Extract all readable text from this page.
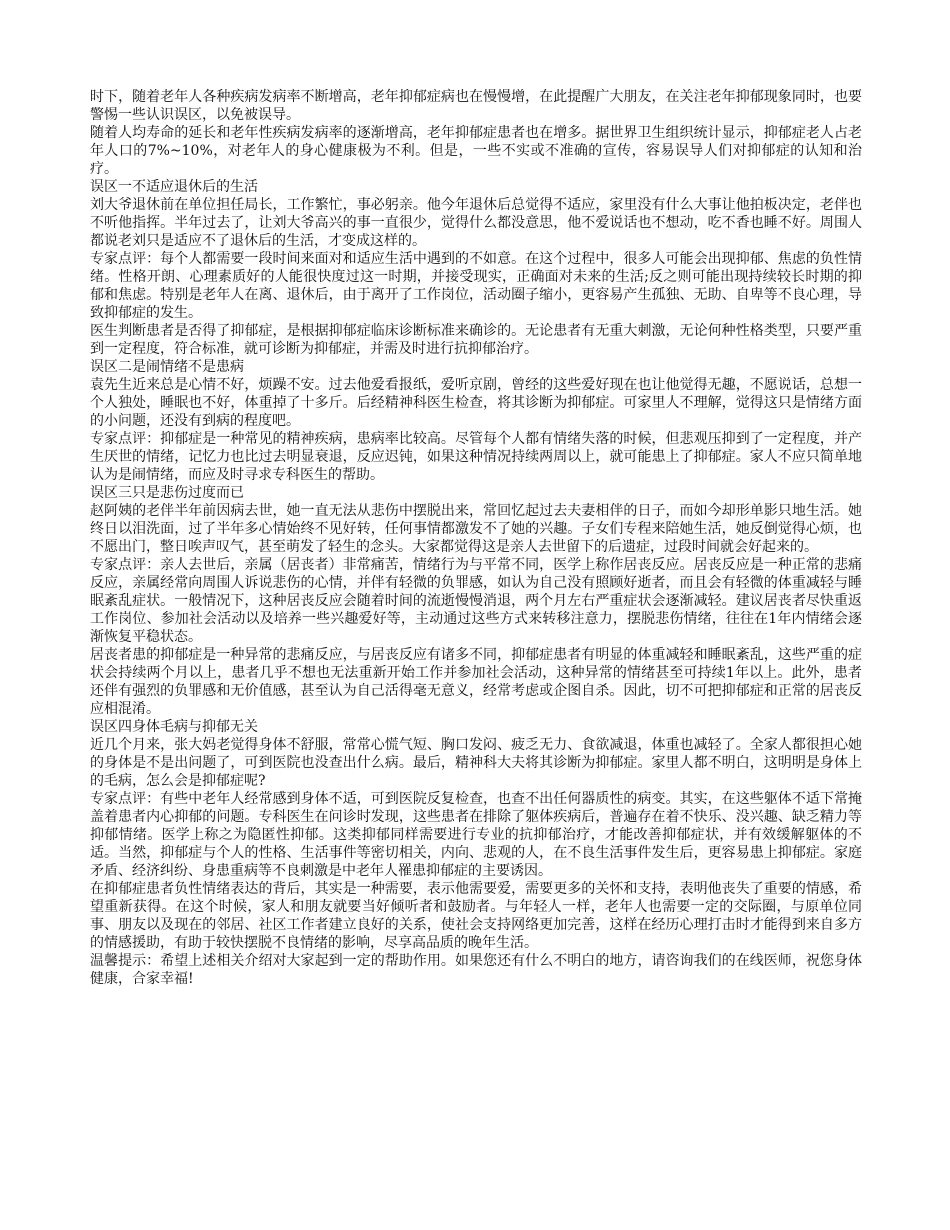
时下，随着老年人各种疾病发病率不断增高，老年抑郁症病也在慢慢增，在此提醒广大朋友，在关注老年抑郁现象同时，也要警惕一些认识误区，以免被误导。

随着人均寿命的延长和老年性疾病发病率的逐渐增高，老年抑郁症患者也在增多。据世界卫生组织统计显示，抑郁症老人占老年人口的7%~10%，对老年人的身心健康极为不利。但是，一些不实或不准确的宣传，容易误导人们对抑郁症的认知和治疗。

误区一不适应退休后的生活

刘大爷退休前在单位担任局长，工作繁忙，事必躬亲。他今年退休后总觉得不适应，家里没有什么大事让他拍板决定，老伴也不听他指挥。半年过去了，让刘大爷高兴的事一直很少，觉得什么都没意思，他不爱说话也不想动，吃不香也睡不好。周围人都说老刘只是适应不了退休后的生活，才变成这样的。

专家点评：每个人都需要一段时间来面对和适应生活中遇到的不如意。在这个过程中，很多人可能会出现抑郁、焦虑的负性情绪。性格开朗、心理素质好的人能很快度过这一时期，并接受现实，正确面对未来的生活;反之则可能出现持续较长时期的抑郁和焦虑。特别是老年人在离、退休后，由于离开了工作岗位，活动圈子缩小，更容易产生孤独、无助、自卑等不良心理，导致抑郁症的发生。

医生判断患者是否得了抑郁症，是根据抑郁症临床诊断标准来确诊的。无论患者有无重大刺激，无论何种性格类型，只要严重到一定程度，符合标准，就可诊断为抑郁症，并需及时进行抗抑郁治疗。

误区二是闹情绪不是患病

袁先生近来总是心情不好，烦躁不安。过去他爱看报纸，爱听京剧，曾经的这些爱好现在也让他觉得无趣，不愿说话，总想一个人独处，睡眠也不好，体重掉了十多斤。后经精神科医生检查，将其诊断为抑郁症。可家里人不理解，觉得这只是情绪方面的小问题，还没有到病的程度吧。

专家点评：抑郁症是一种常见的精神疾病，患病率比较高。尽管每个人都有情绪失落的时候，但悲观压抑到了一定程度，并产生厌世的情绪，记忆力也比过去明显衰退，反应迟钝，如果这种情况持续两周以上，就可能患上了抑郁症。家人不应只简单地认为是闹情绪，而应及时寻求专科医生的帮助。

误区三只是悲伤过度而已

赵阿姨的老伴半年前因病去世，她一直无法从悲伤中摆脱出来，常回忆起过去夫妻相伴的日子，而如今却形单影只地生活。她终日以泪洗面，过了半年多心情始终不见好转，任何事情都激发不了她的兴趣。子女们专程来陪她生活，她反倒觉得心烦，也不愿出门，整日唉声叹气，甚至萌发了轻生的念头。大家都觉得这是亲人去世留下的后遗症，过段时间就会好起来的。

专家点评：亲人去世后，亲属（居丧者）非常痛苦，情绪行为与平常不同，医学上称作居丧反应。居丧反应是一种正常的悲痛反应，亲属经常向周围人诉说悲伤的心情，并伴有轻微的负罪感，如认为自己没有照顾好逝者，而且会有轻微的体重减轻与睡眠紊乱症状。一般情况下，这种居丧反应会随着时间的流逝慢慢消退，两个月左右严重症状会逐渐减轻。建议居丧者尽快重返工作岗位、参加社会活动以及培养一些兴趣爱好等，主动通过这些方式来转移注意力，摆脱悲伤情绪，往往在1年内情绪会逐渐恢复平稳状态。

居丧者患的抑郁症是一种异常的悲痛反应，与居丧反应有诸多不同，抑郁症患者有明显的体重减轻和睡眠紊乱，这些严重的症状会持续两个月以上，患者几乎不想也无法重新开始工作并参加社会活动，这种异常的情绪甚至可持续1年以上。此外，患者还伴有强烈的负罪感和无价值感，甚至认为自己活得毫无意义，经常考虑或企图自杀。因此，切不可把抑郁症和正常的居丧反应相混淆。

误区四身体毛病与抑郁无关

近几个月来，张大妈老觉得身体不舒服，常常心慌气短、胸口发闷、疲乏无力、食欲减退，体重也减轻了。全家人都很担心她的身体是不是出问题了，可到医院也没查出什么病。最后，精神科大夫将其诊断为抑郁症。家里人都不明白，这明明是身体上的毛病，怎么会是抑郁症呢?

专家点评：有些中老年人经常感到身体不适，可到医院反复检查，也查不出任何器质性的病变。其实，在这些躯体不适下常掩盖着患者内心抑郁的问题。专科医生在问诊时发现，这些患者在排除了躯体疾病后，普遍存在着不快乐、没兴趣、缺乏精力等抑郁情绪。医学上称之为隐匿性抑郁。这类抑郁同样需要进行专业的抗抑郁治疗，才能改善抑郁症状，并有效缓解躯体的不适。当然，抑郁症与个人的性格、生活事件等密切相关，内向、悲观的人，在不良生活事件发生后，更容易患上抑郁症。家庭矛盾、经济纠纷、身患重病等不良刺激是中老年人罹患抑郁症的主要诱因。

在抑郁症患者负性情绪表达的背后，其实是一种需要，表示他需要爱，需要更多的关怀和支持，表明他丧失了重要的情感，希望重新获得。在这个时候，家人和朋友就要当好倾听者和鼓励者。与年轻人一样，老年人也需要一定的交际圈，与原单位同事、朋友以及现在的邻居、社区工作者建立良好的关系，使社会支持网络更加完善，这样在经历心理打击时才能得到来自多方的情感援助，有助于较快摆脱不良情绪的影响，尽享高品质的晚年生活。

温馨提示：希望上述相关介绍对大家起到一定的帮助作用。如果您还有什么不明白的地方，请咨询我们的在线医师，祝您身体健康，合家幸福!
